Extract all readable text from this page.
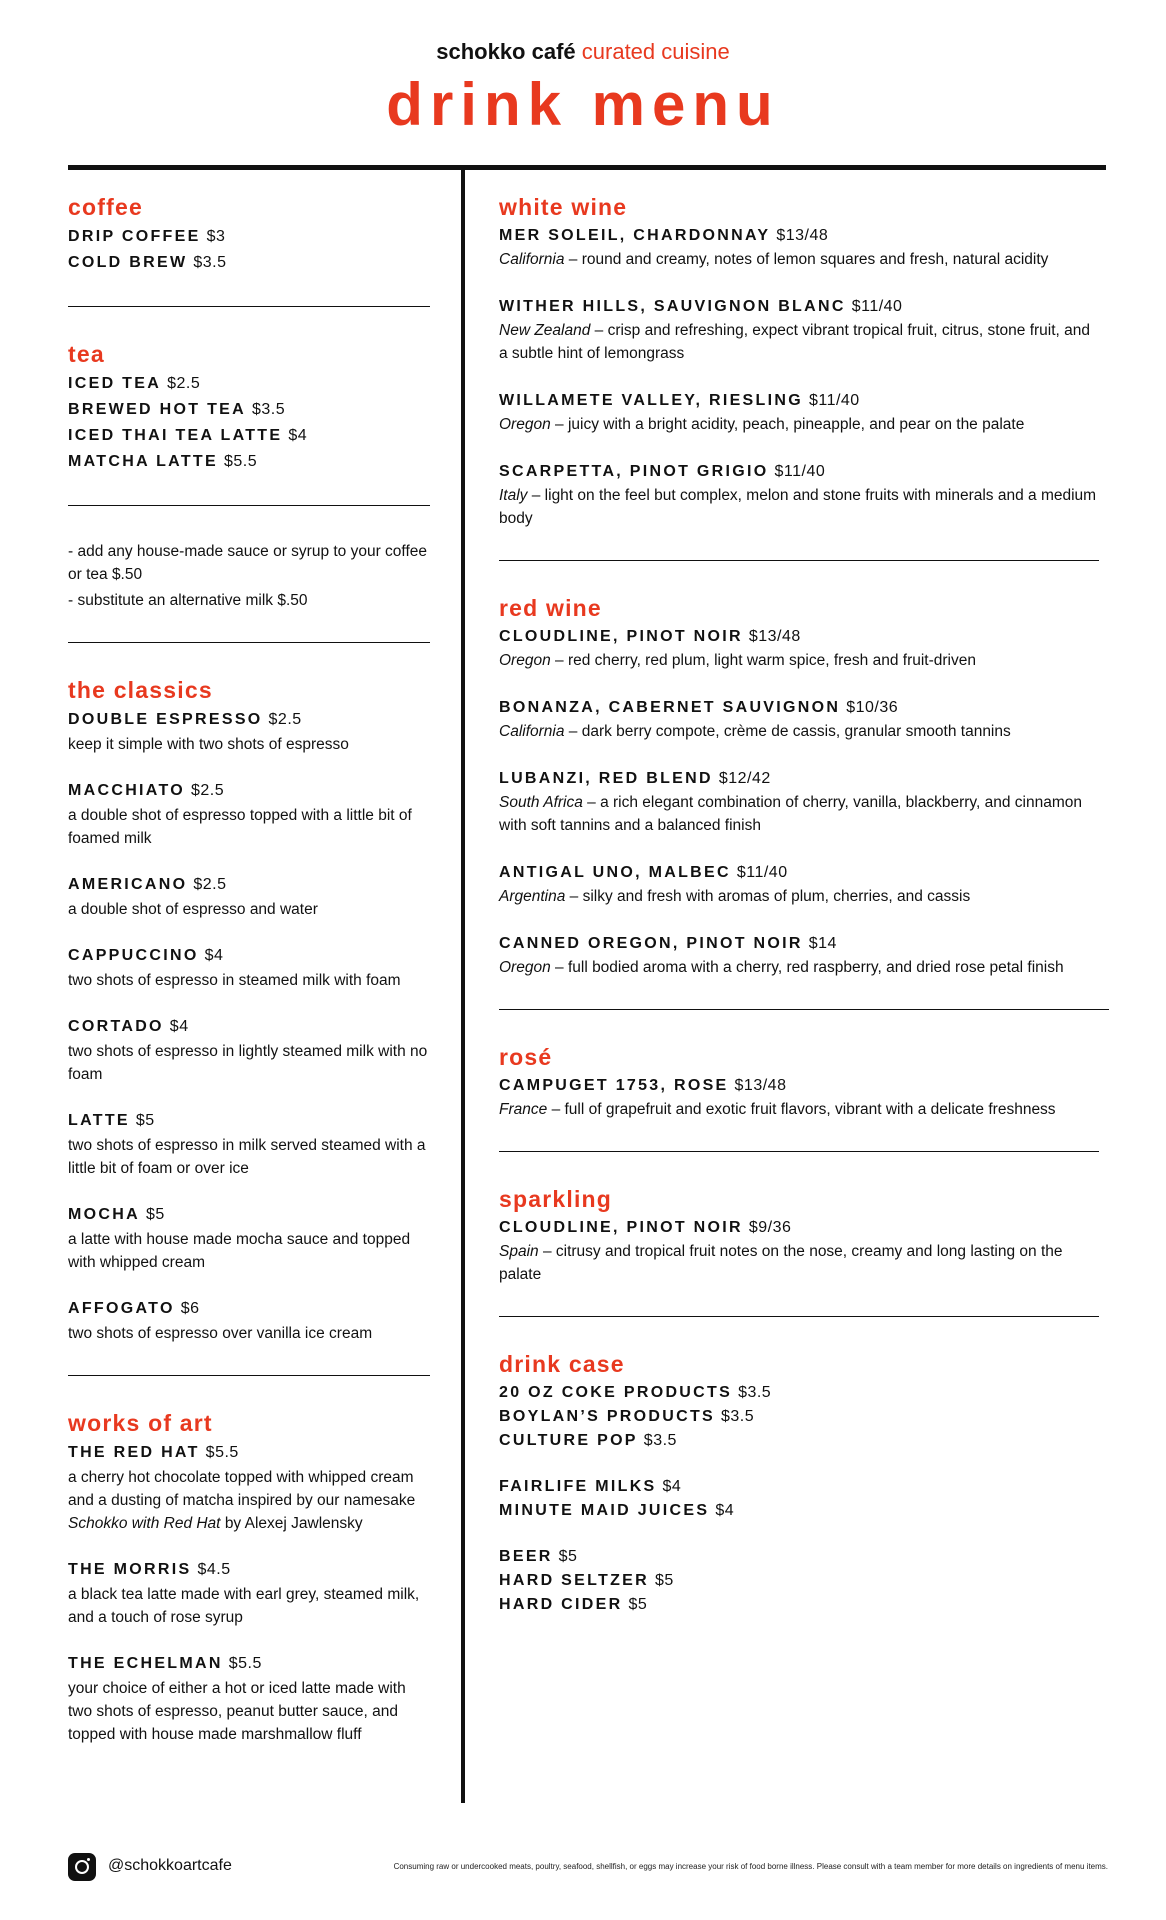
schokko café curated cuisine
drink menu
coffee
DRIP COFFEE $3
COLD BREW $3.5
tea
ICED TEA $2.5
BREWED HOT TEA $3.5
ICED THAI TEA LATTE $4
MATCHA LATTE $5.5
- add any house-made sauce or syrup to your coffee or tea $.50
- substitute an alternative milk $.50
the classics
DOUBLE ESPRESSO $2.5
keep it simple with two shots of espresso
MACCHIATO $2.5
a double shot of espresso topped with a little bit of foamed milk
AMERICANO $2.5
a double shot of espresso and water
CAPPUCCINO $4
two shots of espresso in steamed milk with foam
CORTADO $4
two shots of espresso in lightly steamed milk with no foam
LATTE $5
two shots of espresso in milk served steamed with a little bit of foam or over ice
MOCHA $5
a latte with house made mocha sauce and topped with whipped cream
AFFOGATO $6
two shots of espresso over vanilla ice cream
works of art
THE RED HAT $5.5
a cherry hot chocolate topped with whipped cream and a dusting of matcha inspired by our namesake Schokko with Red Hat by Alexej Jawlensky
THE MORRIS $4.5
a black tea latte made with earl grey, steamed milk, and a touch of rose syrup
THE ECHELMAN $5.5
your choice of either a hot or iced latte made with two shots of espresso, peanut butter sauce, and topped with house made marshmallow fluff
white wine
MER SOLEIL, CHARDONNAY $13/48
California – round and creamy, notes of lemon squares and fresh, natural acidity
WITHER HILLS, SAUVIGNON BLANC $11/40
New Zealand – crisp and refreshing, expect vibrant tropical fruit, citrus, stone fruit, and a subtle hint of lemongrass
WILLAMETE VALLEY, RIESLING $11/40
Oregon – juicy with a bright acidity, peach, pineapple, and pear on the palate
SCARPETTA, PINOT GRIGIO $11/40
Italy – light on the feel but complex, melon and stone fruits with minerals and a medium body
red wine
CLOUDLINE, PINOT NOIR $13/48
Oregon – red cherry, red plum, light warm spice, fresh and fruit-driven
BONANZA, CABERNET SAUVIGNON $10/36
California – dark berry compote, crème de cassis, granular smooth tannins
LUBANZI, RED BLEND $12/42
South Africa – a rich elegant combination of cherry, vanilla, blackberry, and cinnamon with soft tannins and a balanced finish
ANTIGAL UNO, MALBEC $11/40
Argentina – silky and fresh with aromas of plum, cherries, and cassis
CANNED OREGON, PINOT NOIR $14
Oregon – full bodied aroma with a cherry, red raspberry, and dried rose petal finish
rosé
CAMPUGET 1753, ROSE $13/48
France – full of grapefruit and exotic fruit flavors, vibrant with a delicate freshness
sparkling
CLOUDLINE, PINOT NOIR $9/36
Spain – citrusy and tropical fruit notes on the nose, creamy and long lasting on the palate
drink case
20 OZ COKE PRODUCTS $3.5
BOYLAN’S PRODUCTS $3.5
CULTURE POP $3.5
FAIRLIFE MILKS $4
MINUTE MAID JUICES $4
BEER $5
HARD SELTZER $5
HARD CIDER $5
@schokkoartcafe	Consuming raw or undercooked meats, poultry, seafood, shellfish, or eggs may increase your risk of food borne illness. Please consult with a team member for more details on ingredients of menu items.
